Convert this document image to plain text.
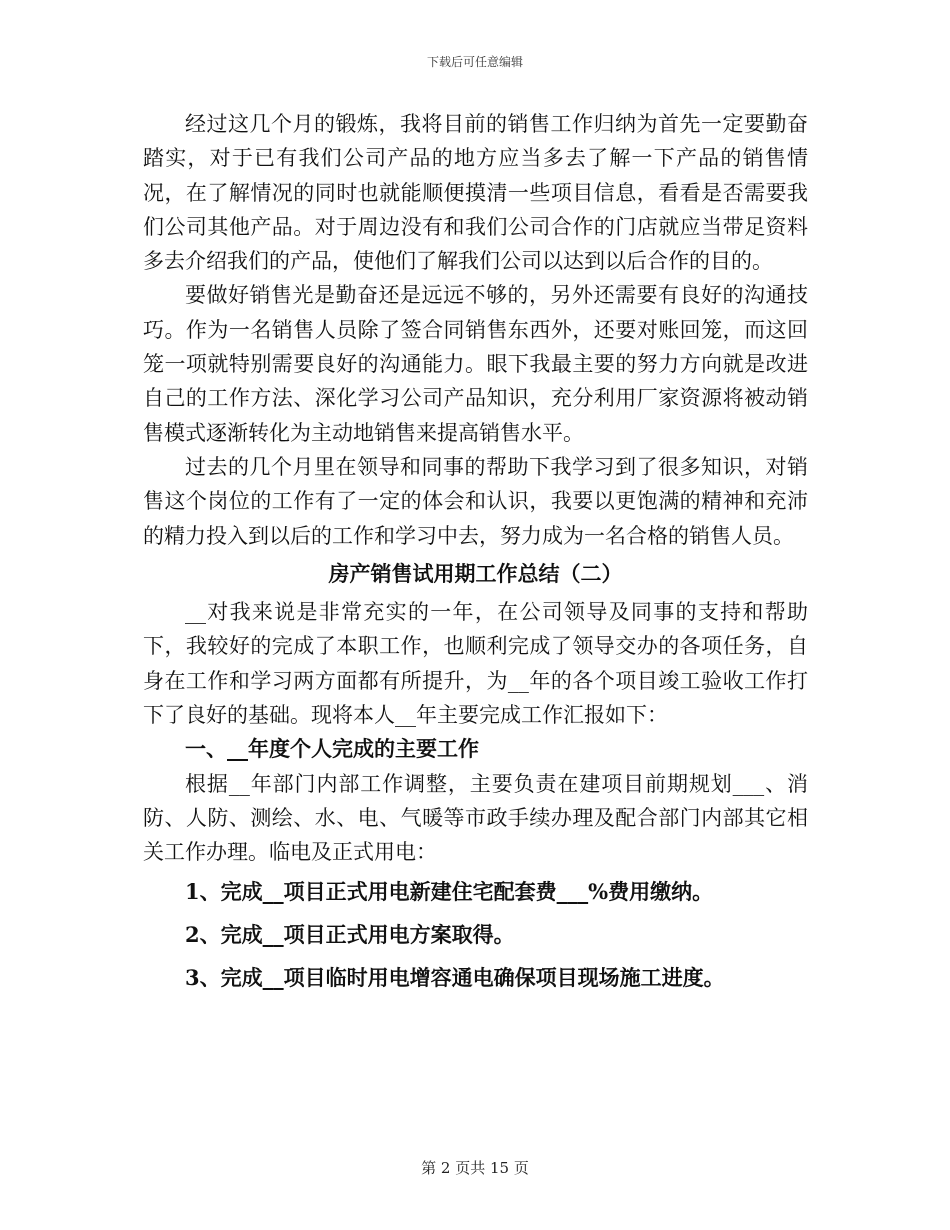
下载后可任意编辑

经过这几个月的锻炼，我将目前的销售工作归纳为首先一定要勤奋踏实，对于已有我们公司产品的地方应当多去了解一下产品的销售情况，在了解情况的同时也就能顺便摸清一些项目信息，看看是否需要我们公司其他产品。对于周边没有和我们公司合作的门店就应当带足资料多去介绍我们的产品，使他们了解我们公司以达到以后合作的目的。

要做好销售光是勤奋还是远远不够的，另外还需要有良好的沟通技巧。作为一名销售人员除了签合同销售东西外，还要对账回笼，而这回笼一项就特别需要良好的沟通能力。眼下我最主要的努力方向就是改进自己的工作方法、深化学习公司产品知识，充分利用厂家资源将被动销售模式逐渐转化为主动地销售来提高销售水平。

过去的几个月里在领导和同事的帮助下我学习到了很多知识，对销售这个岗位的工作有了一定的体会和认识，我要以更饱满的精神和充沛的精力投入到以后的工作和学习中去，努力成为一名合格的销售人员。

房产销售试用期工作总结（二）

__对我来说是非常充实的一年，在公司领导及同事的支持和帮助下，我较好的完成了本职工作，也顺利完成了领导交办的各项任务，自身在工作和学习两方面都有所提升，为__年的各个项目竣工验收工作打下了良好的基础。现将本人__年主要完成工作汇报如下：

一、__年度个人完成的主要工作

根据__年部门内部工作调整，主要负责在建项目前期规划___、消防、人防、测绘、水、电、气暖等市政手续办理及配合部门内部其它相关工作办理。临电及正式用电：

1、完成__项目正式用电新建住宅配套费___%费用缴纳。

2、完成__项目正式用电方案取得。

3、完成__项目临时用电增容通电确保项目现场施工进度。

第 2 页共 15 页
